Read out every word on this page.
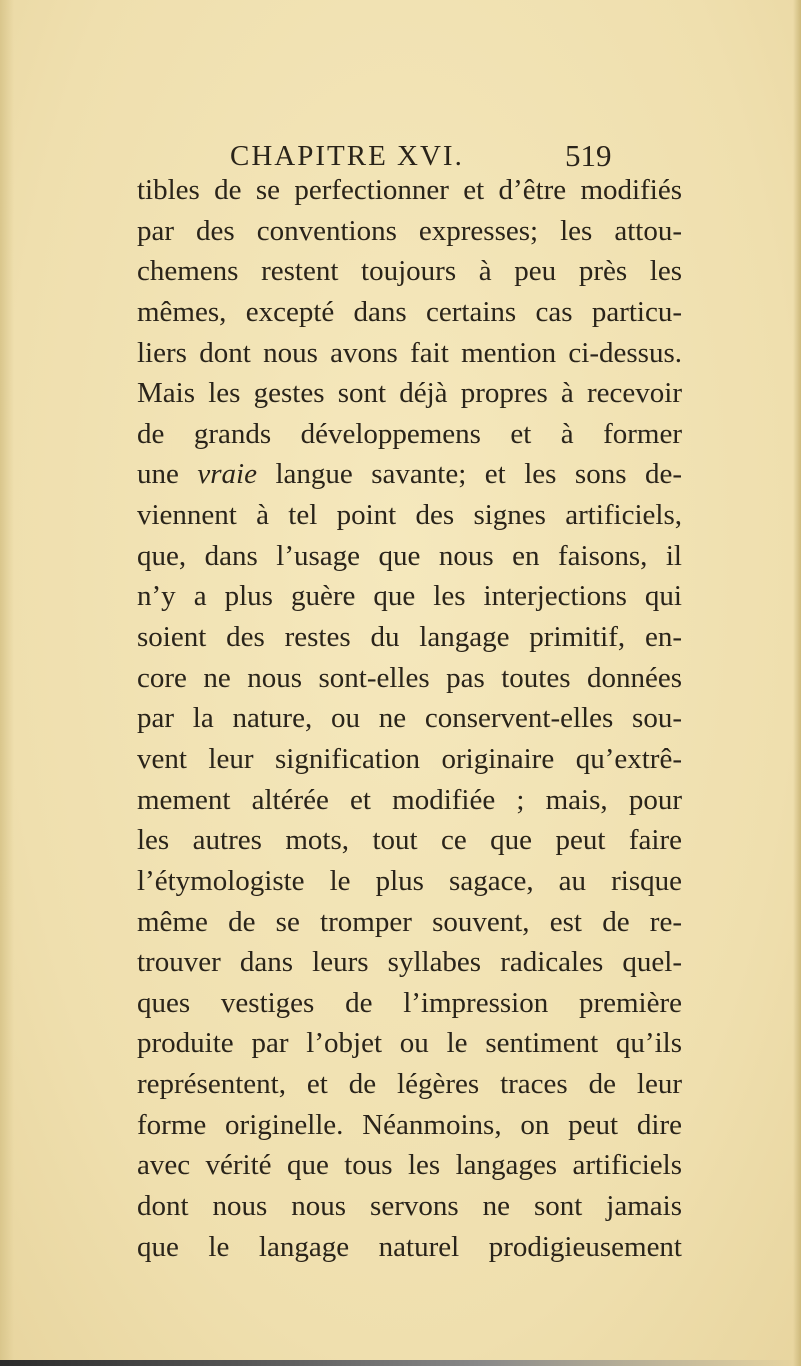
CHAPITRE XVI.	519
tibles de se perfectionner et d’être modifiés
par des conventions expresses; les attou-
chemens restent toujours à peu près les
mêmes, excepté dans certains cas particu-
liers dont nous avons fait mention ci-dessus.
Mais les gestes sont déjà propres à recevoir
de grands développemens et à former
une vraie langue savante; et les sons de-
viennent à tel point des signes artificiels,
que, dans l’usage que nous en faisons, il
n’y a plus guère que les interjections qui
soient des restes du langage primitif, en-
core ne nous sont-elles pas toutes données
par la nature, ou ne conservent-elles sou-
vent leur signification originaire qu’extrê-
mement altérée et modifiée ; mais, pour
les autres mots, tout ce que peut faire
l’étymologiste le plus sagace, au risque
même de se tromper souvent, est de re-
trouver dans leurs syllabes radicales quel-
ques vestiges de l’impression première
produite par l’objet ou le sentiment qu’ils
représentent, et de légères traces de leur
forme originelle. Néanmoins, on peut dire
avec vérité que tous les langages artificiels
dont nous nous servons ne sont jamais
que le langage naturel prodigieusement
